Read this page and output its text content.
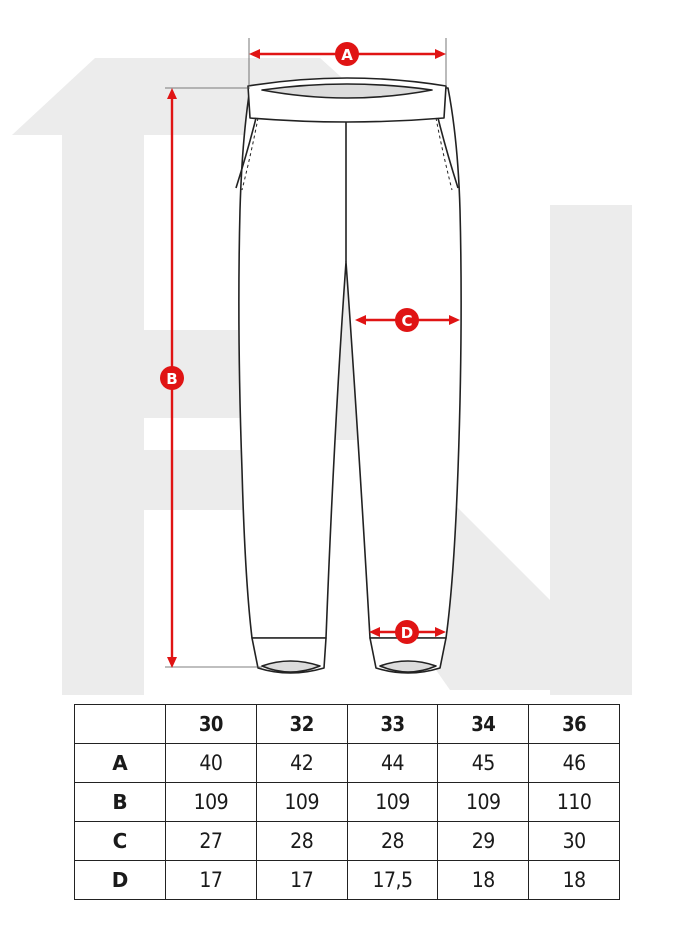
A
B
C
D
	30	32	33	34	36
A	40	42	44	45	46
B	109	109	109	109	110
C	27	28	28	29	30
D	17	17	17,5	18	18
